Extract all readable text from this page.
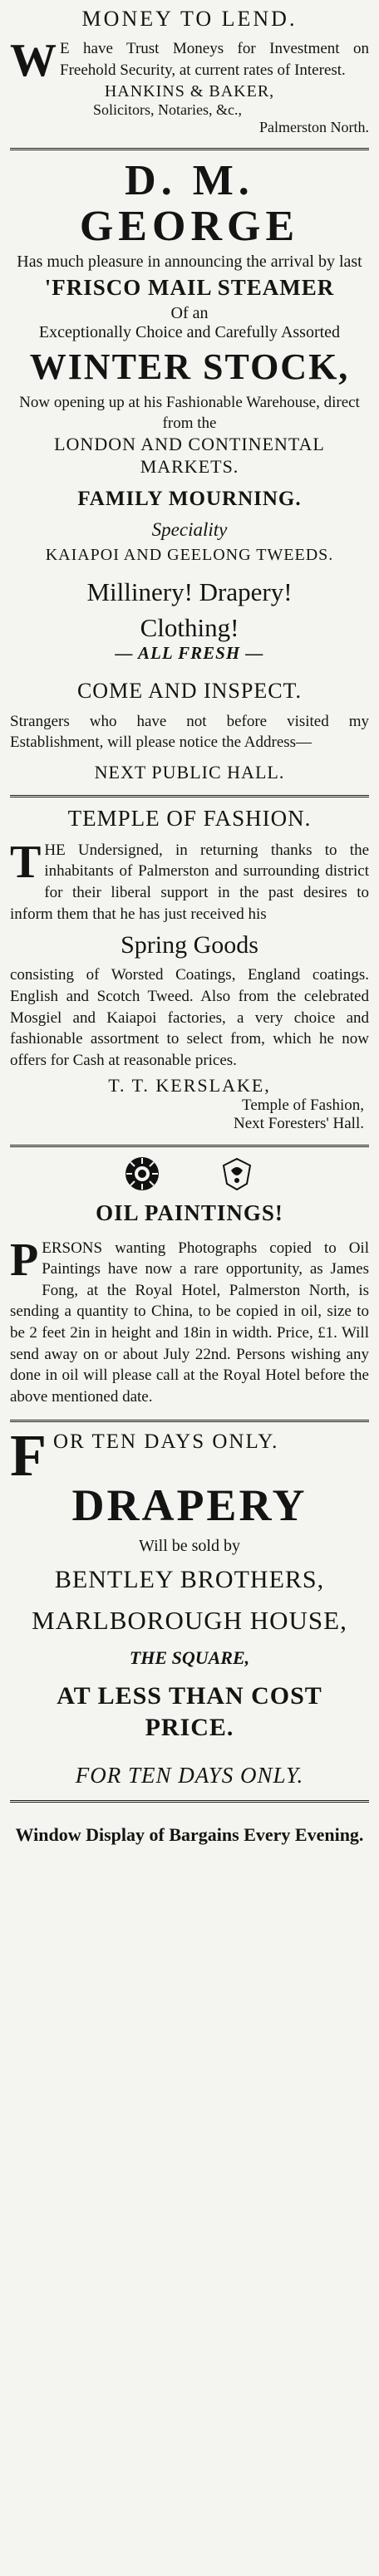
MONEY TO LEND.
W E have Trust Moneys for Investment on Freehold Security, at current rates of Interest.
HANKINS & BAKER,
Solicitors, Notaries, &c.,
Palmerston North.
D. M. GEORGE
Has much pleasure in announcing the arrival by last
'FRISCO MAIL STEAMER
Of an
Exceptionally Choice and Carefully Assorted
WINTER STOCK,
Now opening up at his Fashionable Warehouse, direct from the
LONDON AND CONTINENTAL MARKETS.
FAMILY MOURNING.
Speciality
KAIAPOI AND GEELONG TWEEDS.
Millinery! Drapery!
Clothing!
— ALL FRESH —
COME AND INSPECT.
Strangers who have not before visited my Establishment, will please notice the Address—
NEXT PUBLIC HALL.
TEMPLE OF FASHION.
T HE Undersigned, in returning thanks to the inhabitants of Palmerston and surrounding district for their liberal support in the past desires to inform them that he has just received his
Spring Goods
consisting of Worsted Coatings, England coatings. English and Scotch Tweed. Also from the celebrated Mosgiel and Kaiapoi factories, a very choice and fashionable assortment to select from, which he now offers for Cash at reasonable prices.
T. T. KERSLAKE,
Temple of Fashion,
Next Foresters' Hall.
OIL PAINTINGS!
P ERSONS wanting Photographs copied to Oil Paintings have now a rare opportunity, as James Fong, at the Royal Hotel, Palmerston North, is sending a quantity to China, to be copied in oil, size to be 2 feet 2in in height and 18in in width. Price, £1. Will send away on or about July 22nd. Persons wishing any done in oil will please call at the Royal Hotel before the above mentioned date.
F OR TEN DAYS ONLY.
DRAPERY
Will be sold by
BENTLEY BROTHERS,
MARLBOROUGH HOUSE,
THE SQUARE,
AT LESS THAN COST PRICE.
FOR TEN DAYS ONLY.
Window Display of Bargains Every Evening.
